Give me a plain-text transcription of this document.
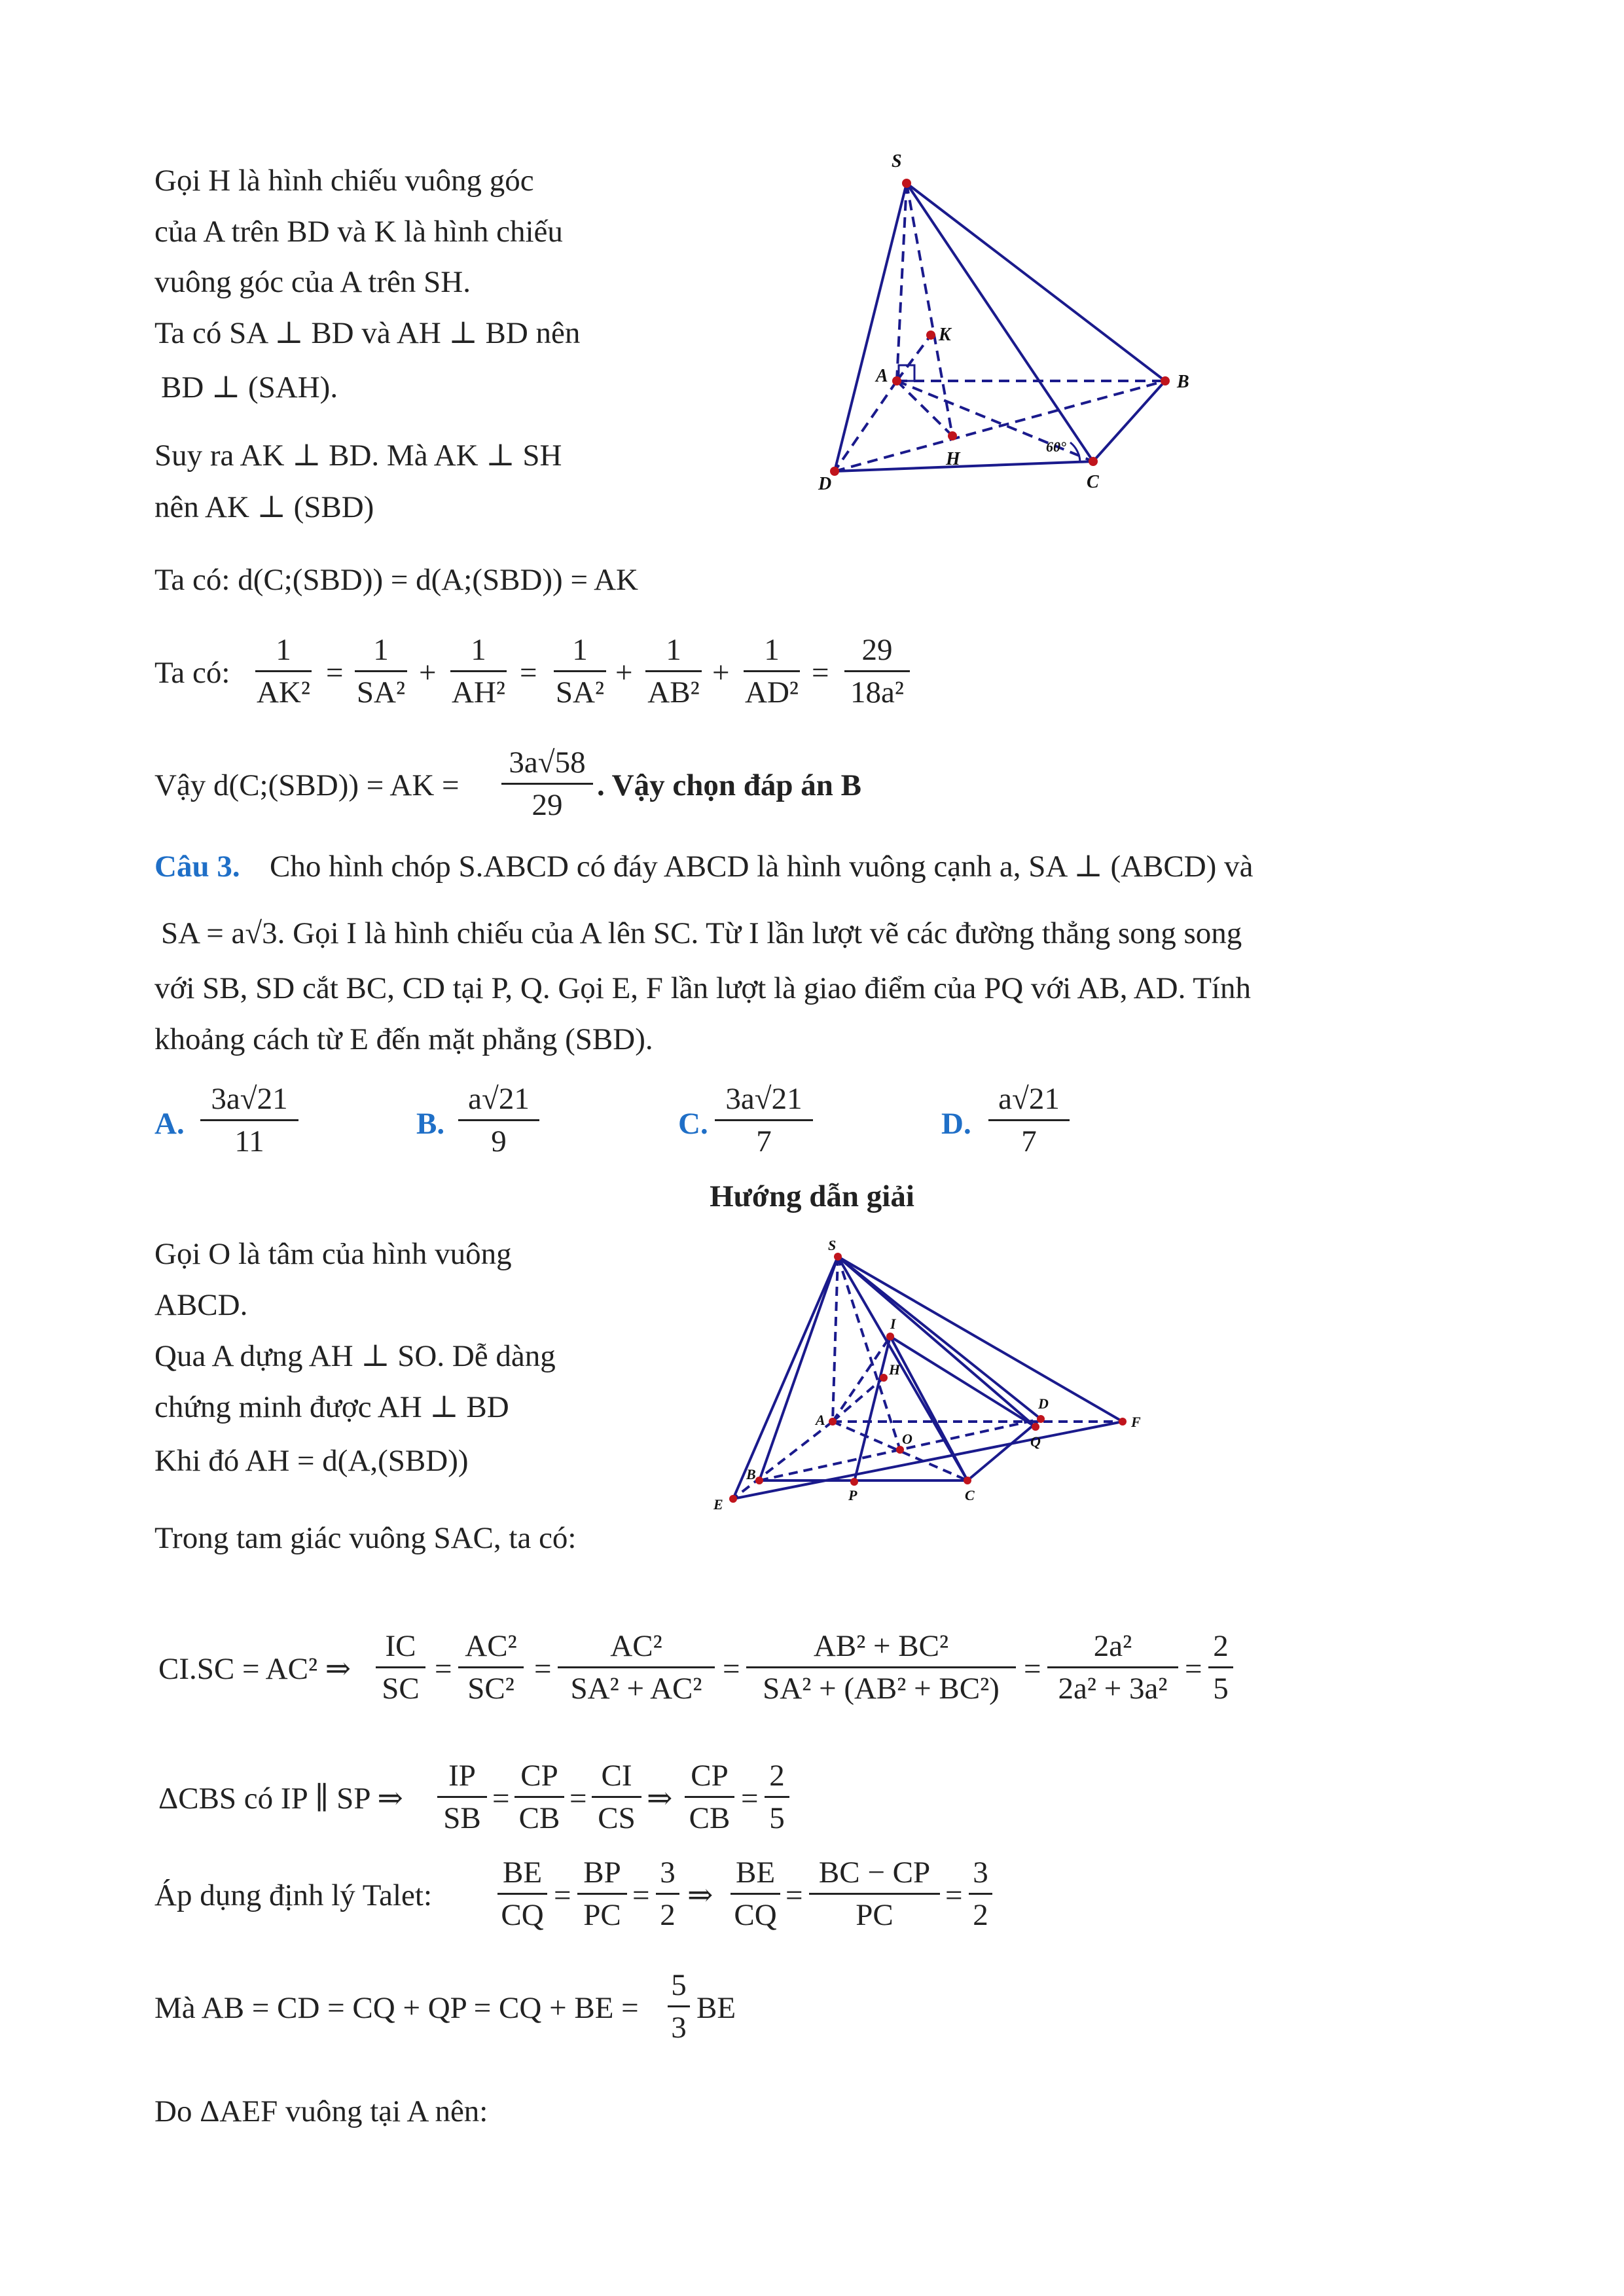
Gọi H là hình chiếu vuông góc
của A trên BD và K là hình chiếu
vuông góc của A trên SH.
Ta có SA ⊥ BD và AH ⊥ BD nên
BD ⊥ (SAH).
Suy ra AK ⊥ BD. Mà AK ⊥ SH
nên AK ⊥ (SBD)
S
K
A	B
H
D	C
60°
Ta có: d(C;(SBD)) = d(A;(SBD)) = AK
Ta có:
1
AK²
=
1
SA²
+
1
AH²
=
1
SA²
+
1
AB²
+
1
AD²
=
29
18a²
Vậy d(C;(SBD)) = AK =
3a√58
29
. Vậy chọn đáp án B
Câu 3. Cho hình chóp S.ABCD có đáy ABCD là hình vuông cạnh a, SA ⊥ (ABCD) và
SA = a√3. Gọi I là hình chiếu của A lên SC. Từ I lần lượt vẽ các đường thẳng song song
với SB, SD cắt BC, CD tại P, Q. Gọi E, F lần lượt là giao điểm của PQ với AB, AD. Tính
khoảng cách từ E đến mặt phẳng (SBD).
A.
3a√21
11
B.
a√21
9
C.
3a√21
7
D.
a√21
7
Hướng dẫn giải
Gọi O là tâm của hình vuông
ABCD.
Qua A dựng AH ⊥ SO. Dễ dàng
chứng minh được AH ⊥ BD
Khi đó AH = d(A,(SBD))
Trong tam giác vuông SAC, ta có:
S
I
H
A
D
F
O	Q
B
P	C
E
CI.SC = AC² ⇒
IC
SC
=
AC²
SC²
=
AC²
SA² + AC²
=
AB² + BC²
SA² + (AB² + BC²)
=
2a²
2a² + 3a²
=
2
5
ΔCBS có IP ∥ SP ⇒
IP
SB
=
CP
CB
=
CI
CS
⇒
CP
CB
=
2
5
Áp dụng định lý Talet:
BE
CQ
=
BP
PC
=
3
2
⇒
BE
CQ
=
BC − CP
PC
=
3
2
Mà AB = CD = CQ + QP = CQ + BE =
5
3
BE
Do ΔAEF vuông tại A nên:
